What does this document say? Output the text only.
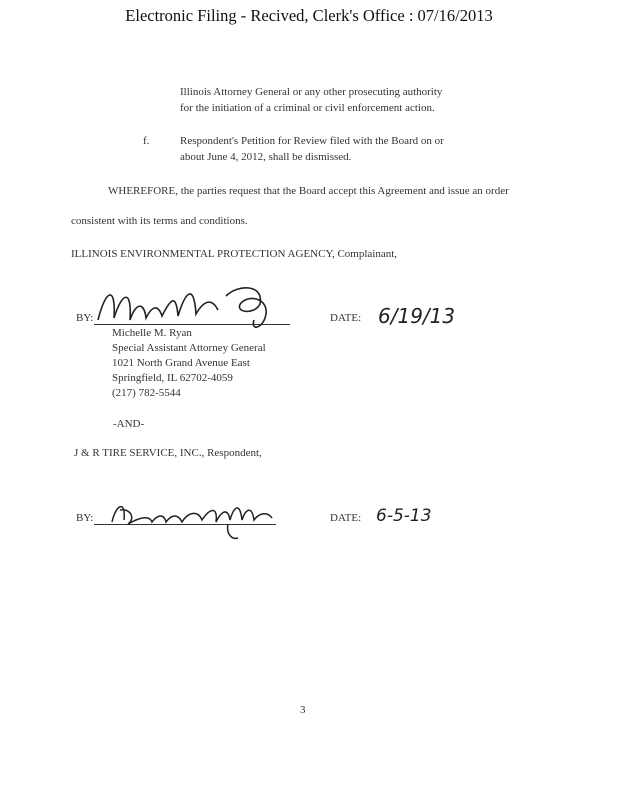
Electronic Filing - Recived, Clerk's Office : 07/16/2013
Illinois Attorney General or any other prosecuting authority
for the initiation of a criminal or civil enforcement action.
f.	Respondent's Petition for Review filed with the Board on or
about June 4, 2012, shall be dismissed.
WHEREFORE, the parties request that the Board accept this Agreement and issue an order
consistent with its terms and conditions.
ILLINOIS ENVIRONMENTAL PROTECTION AGENCY, Complainant,
BY:	DATE: 6/19/13
Michelle M. Ryan
Special Assistant Attorney General
1021 North Grand Avenue East
Springfield, IL 62702-4059
(217) 782-5544
-AND-
J & R TIRE SERVICE, INC., Respondent,
BY:	DATE: 6-5-13
3
